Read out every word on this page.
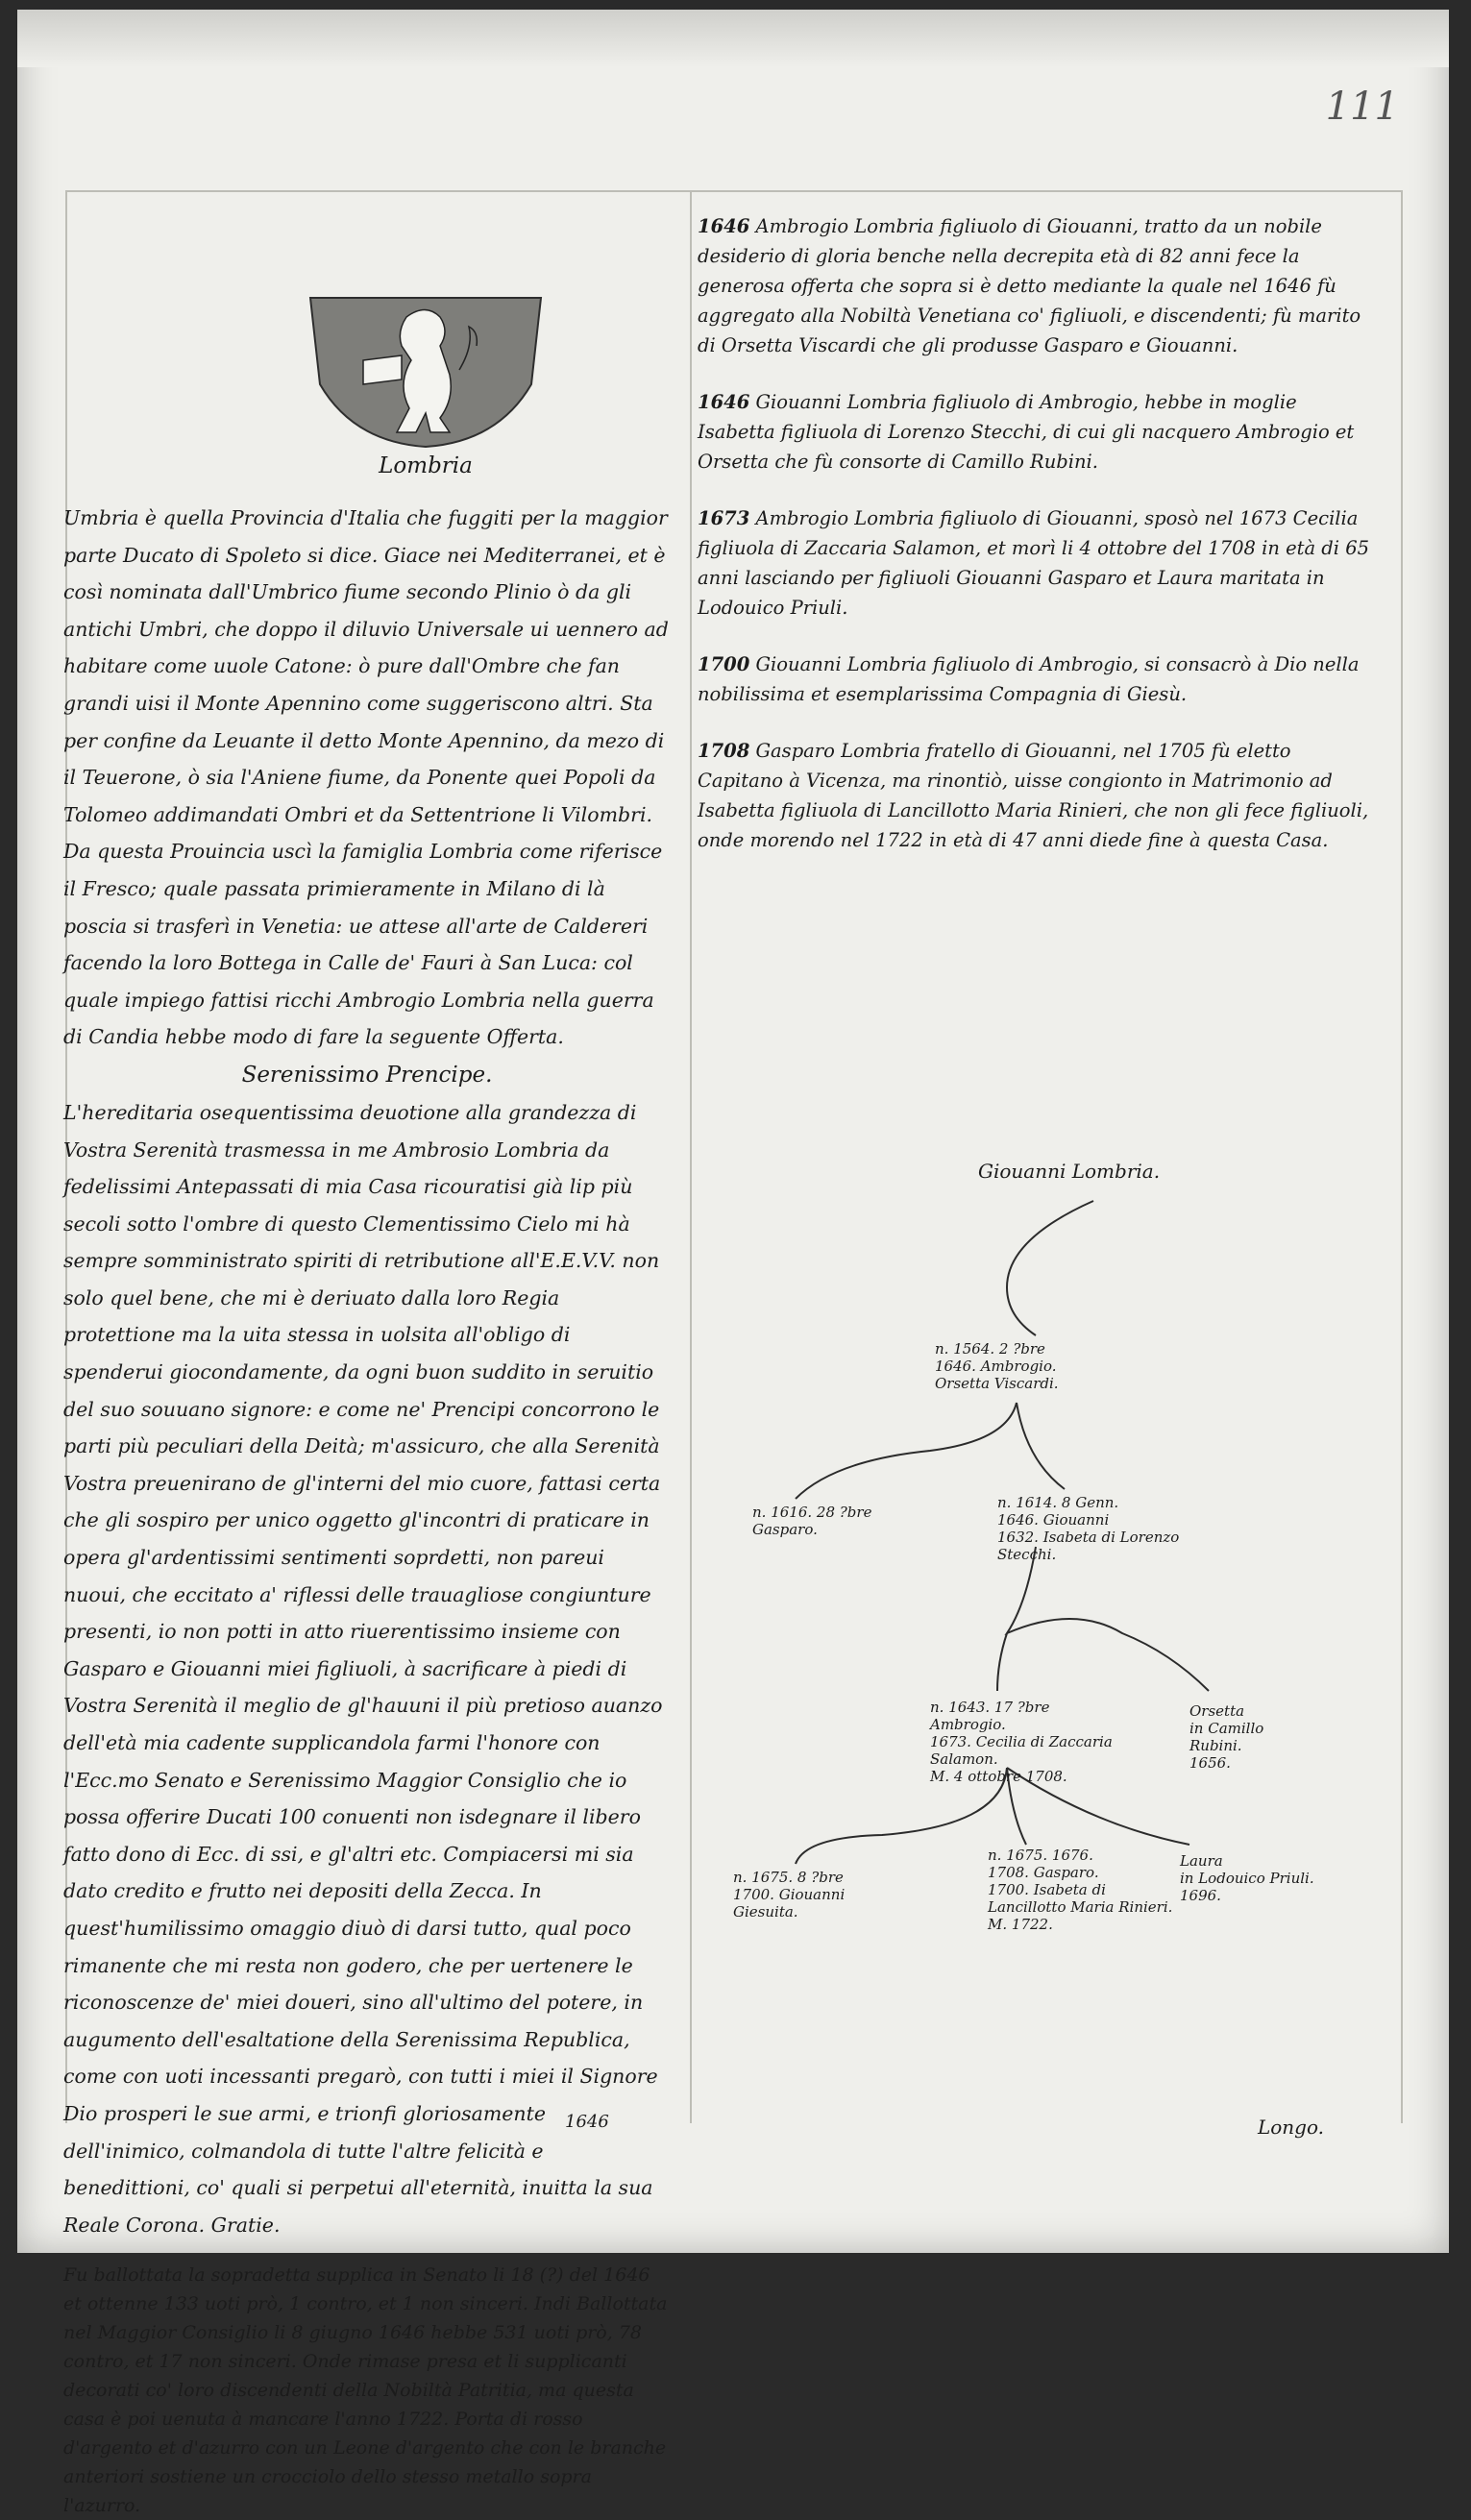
111
Lombria

Umbria è quella Provincia d'Italia che fuggiti per la maggior parte Ducato di Spoleto si dice. Giace nei Mediterranei, et è così nominata dall'Umbrico fiume secondo Plinio ò da gli antichi Umbri, che doppo il diluvio Universale ui uennero ad habitare come uuole Catone: ò pure dall'Ombre che fan grandi uisi il Monte Apennino come suggeriscono altri. Sta per confine da Leuante il detto Monte Apennino, da mezo di il Teuerone, ò sia l'Aniene fiume, da Ponente quei Popoli da Tolomeo addimandati Ombri et da Settentrione li Vilombri. Da questa Prouincia uscì la famiglia Lombria come riferisce il Fresco; quale passata primieramente in Milano di là poscia si trasferì in Venetia: ue attese all'arte de Caldereri facendo la loro Bottega in Calle de' Fauri à San Luca: col quale impiego fattisi ricchi Ambrogio Lombria nella guerra di Candia hebbe modo di fare la seguente Offerta.

Serenissimo Prencipe.

L'hereditaria osequentissima deuotione alla grandezza di Vostra Serenità trasmessa in me Ambrosio Lombria da fedelissimi Antepassati di mia Casa ricouratisi già lip più secoli sotto l'ombre di questo Clementissimo Cielo mi hà sempre somministrato spiriti di retributione all'E.E.V.V. non solo quel bene, che mi è deriuato dalla loro Regia protettione ma la uita stessa in uolsita all'obligo di spenderui giocondamente, da ogni buon suddito in seruitio del suo souuano signore: e come ne' Prencipi concorrono le parti più peculiari della Deità; m'assicuro, che alla Serenità Vostra preuenirano de gl'interni del mio cuore, fattasi certa che gli sospiro per unico oggetto gl'incontri di praticare in opera gl'ardentissimi sentimenti soprdetti, non pareui nuoui, che eccitato a' riflessi delle trauagliose congiunture presenti, io non potti in atto riuerentissimo insieme con Gasparo e Giouanni miei figliuoli, à sacrificare à piedi di Vostra Serenità il meglio de gl'hauuni il più pretioso auanzo dell'età mia cadente supplicandola farmi l'honore con l'Ecc.mo Senato e Serenissimo Maggior Consiglio che io possa offerire Ducati 100 conuenti non isdegnare il libero fatto dono di Ecc. di ssi, e gl'altri etc. Compiacersi mi sia dato credito e frutto nei depositi della Zecca. In quest'humilissimo omaggio diuò di darsi tutto, qual poco rimanente che mi resta non godero, che per uertenere le riconoscenze de' miei doueri, sino all'ultimo del potere, in augumento dell'esaltatione della Serenissima Republica, come con uoti incessanti pregarò, con tutti i miei il Signore Dio prosperi le sue armi, e trionfi gloriosamente dell'inimico, colmandola di tutte l'altre felicità e benedittioni, co' quali si perpetui all'eternità, inuitta la sua Reale Corona. Gratie.

Fu ballottata la sopradetta supplica in Senato li 18 (?) del 1646 et ottenne 133 uoti prò, 1 contro, et 1 non sinceri. Indi Ballottata nel Maggior Consiglio li 8 giugno 1646 hebbe 531 uoti prò, 78 contro, et 17 non sinceri. Onde rimase presa et li supplicanti decorati co' loro discendenti della Nobiltà Patritia, ma questa casa è poi uenuta à mancare l'anno 1722. Porta di rosso d'argento et d'azurro con un Leone d'argento che con le branche anteriori sostiene un crocciolo dello stesso metallo sopra l'azurro.

1646
1646 Ambrogio Lombria figliuolo di Giouanni, tratto da un nobile desiderio di gloria benche nella decrepita età di 82 anni fece la generosa offerta che sopra si è detto mediante la quale nel 1646 fù aggregato alla Nobiltà Venetiana co' figliuoli, e discendenti; fù marito di Orsetta Viscardi che gli produsse Gasparo e Giouanni.
1646 Giouanni Lombria figliuolo di Ambrogio, hebbe in moglie Isabetta figliuola di Lorenzo Stecchi, di cui gli nacquero Ambrogio et Orsetta che fù consorte di Camillo Rubini.
1673 Ambrogio Lombria figliuolo di Giouanni, sposò nel 1673 Cecilia figliuola di Zaccaria Salamon, et morì li 4 ottobre del 1708 in età di 65 anni lasciando per figliuoli Giouanni Gasparo et Laura maritata in Lodouico Priuli.
1700 Giouanni Lombria figliuolo di Ambrogio, si consacrò à Dio nella nobilissima et esemplarissima Compagnia di Giesù.
1708 Gasparo Lombria fratello di Giouanni, nel 1705 fù eletto Capitano à Vicenza, ma rinontiò, uisse congionto in Matrimonio ad Isabetta figliuola di Lancillotto Maria Rinieri, che non gli fece figliuoli, onde morendo nel 1722 in età di 47 anni diede fine à questa Casa.
Giouanni Lombria.
n. 1564. 2 ?bre
1646. Ambrogio.
Orsetta Viscardi.
n. 1616. 28 ?bre
Gasparo.
n. 1614. 8 Genn.
1646. Giouanni
1632. Isabeta di Lorenzo
Stecchi.
n. 1643. 17 ?bre
Ambrogio.
1673. Cecilia di Zaccaria
Salamon.
M. 4 ottobre 1708.
Orsetta
in Camillo
Rubini.
1656.
n. 1675. 8 ?bre
1700. Giouanni
Giesuita.
n. 1675. 1676.
1708. Gasparo.
1700. Isabeta di
Lancillotto Maria Rinieri.
M. 1722.
Laura
in Lodouico Priuli.
1696.
Longo.
